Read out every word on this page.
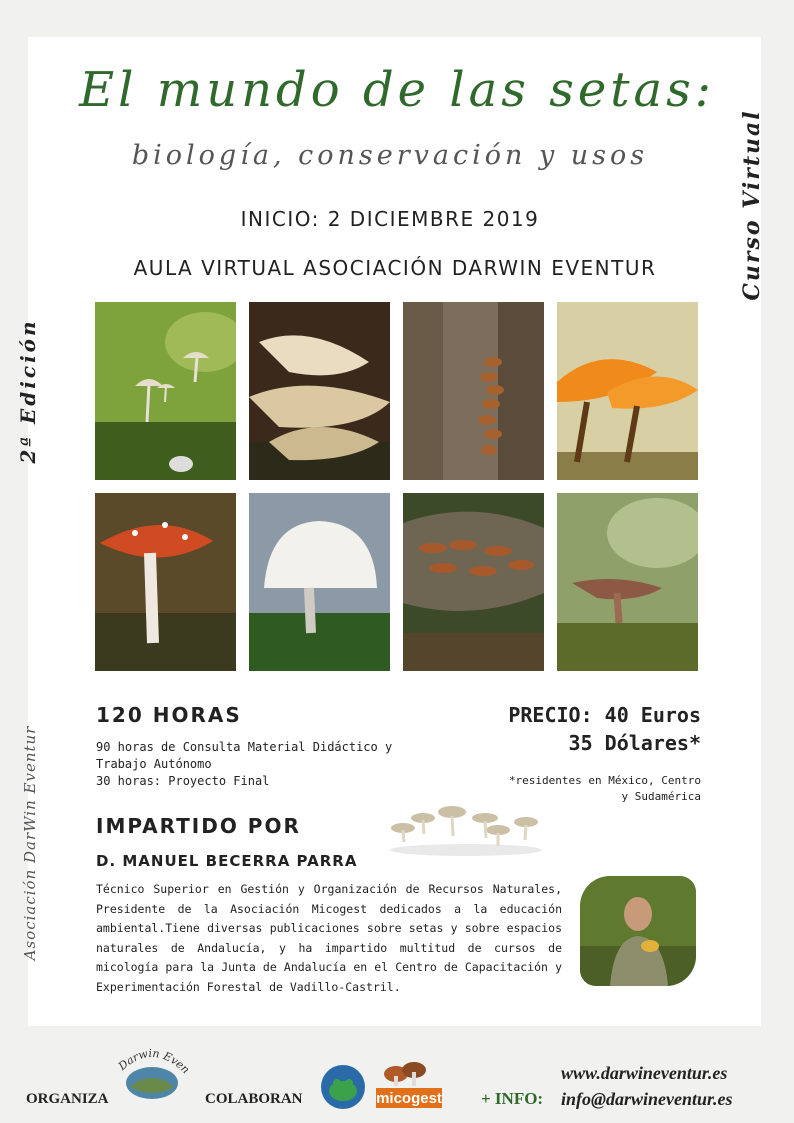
El mundo de las setas:
biología, conservación y usos
INICIO: 2 DICIEMBRE 2019
AULA VIRTUAL ASOCIACIÓN DARWIN EVENTUR	Curso Virtual
2ª Edición
Asociación DarWin Eventur
120 HORAS
90 horas de Consulta Material Didáctico y
Trabajo Autónomo
30 horas: Proyecto Final
PRECIO: 40 Euros
35 Dólares*
*residentes en México, Centro
y Sudamérica
IMPARTIDO POR
D. MANUEL BECERRA PARRA
Técnico Superior en Gestión y Organización de Recursos Naturales, Presidente de la Asociación Micogest dedicados a la educación ambiental.Tiene diversas publicaciones sobre setas y sobre espacios naturales de Andalucía, y ha impartido multitud de cursos de micología para la Junta de Andalucía en el Centro de Capacitación y Experimentación Forestal de Vadillo-Castril.
ORGANIZA
Darwin Even
COLABORAN	micogest + INFO:
www.darwineventur.es
info@darwineventur.es
